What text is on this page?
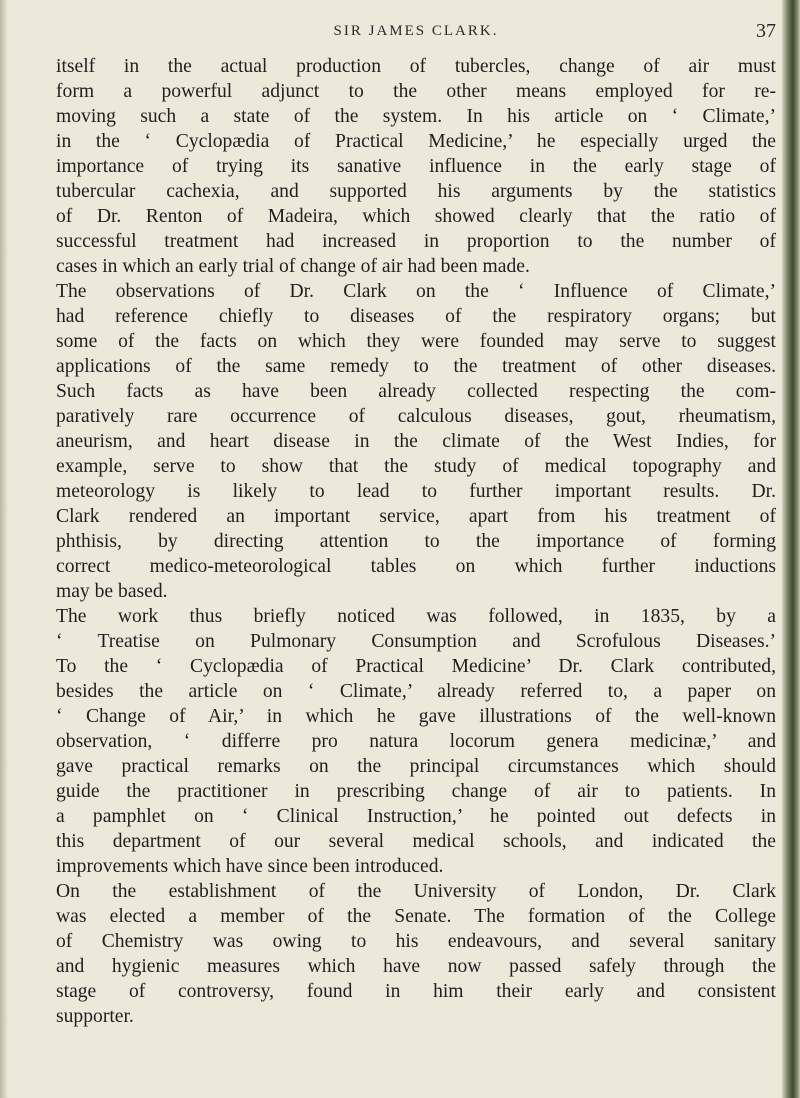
SIR JAMES CLARK.	37
itself in the actual production of tubercles, change of air must
form a powerful adjunct to the other means employed for re-
moving such a state of the system. In his article on ‘ Climate,’
in the ‘ Cyclopædia of Practical Medicine,’ he especially urged the
importance of trying its sanative influence in the early stage of
tubercular cachexia, and supported his arguments by the statistics
of Dr. Renton of Madeira, which showed clearly that the ratio of
successful treatment had increased in proportion to the number of
cases in which an early trial of change of air had been made.
The observations of Dr. Clark on the ‘ Influence of Climate,’
had reference chiefly to diseases of the respiratory organs; but
some of the facts on which they were founded may serve to suggest
applications of the same remedy to the treatment of other diseases.
Such facts as have been already collected respecting the com-
paratively rare occurrence of calculous diseases, gout, rheumatism,
aneurism, and heart disease in the climate of the West Indies, for
example, serve to show that the study of medical topography and
meteorology is likely to lead to further important results. Dr.
Clark rendered an important service, apart from his treatment of
phthisis, by directing attention to the importance of forming
correct medico-meteorological tables on which further inductions
may be based.
The work thus briefly noticed was followed, in 1835, by a
‘ Treatise on Pulmonary Consumption and Scrofulous Diseases.’
To the ‘ Cyclopædia of Practical Medicine’ Dr. Clark contributed,
besides the article on ‘ Climate,’ already referred to, a paper on
‘ Change of Air,’ in which he gave illustrations of the well-known
observation, ‘ differre pro natura locorum genera medicinæ,’ and
gave practical remarks on the principal circumstances which should
guide the practitioner in prescribing change of air to patients. In
a pamphlet on ‘ Clinical Instruction,’ he pointed out defects in
this department of our several medical schools, and indicated the
improvements which have since been introduced.
On the establishment of the University of London, Dr. Clark
was elected a member of the Senate. The formation of the College
of Chemistry was owing to his endeavours, and several sanitary
and hygienic measures which have now passed safely through the
stage of controversy, found in him their early and consistent
supporter.
